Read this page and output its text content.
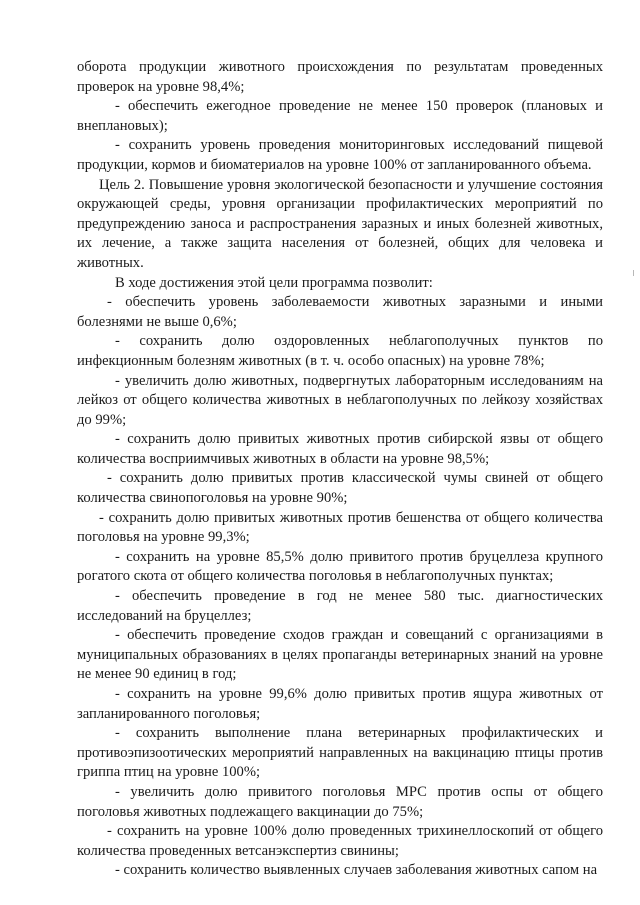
оборота продукции животного происхождения по результатам проведенных
проверок на уровне 98,4%;
- обеспечить ежегодное проведение не менее 150 проверок (плановых и
внеплановых);
- сохранить уровень проведения мониторинговых исследований пищевой
продукции, кормов и биоматериалов на уровне 100% от запланированного объема.
Цель 2. Повышение уровня экологической безопасности и улучшение состояния
окружающей среды, уровня организации профилактических мероприятий по
предупреждению заноса и распространения заразных и иных болезней животных,
их лечение, а также защита населения от болезней, общих для человека и
животных.
В ходе достижения этой цели программа позволит:
- обеспечить уровень заболеваемости животных заразными и иными
болезнями не выше 0,6%;
- сохранить долю оздоровленных неблагополучных пунктов по
инфекционным болезням животных (в т. ч. особо опасных) на уровне 78%;
- увеличить долю животных, подвергнутых лабораторным исследованиям на
лейкоз от общего количества животных в неблагополучных по лейкозу хозяйствах
до 99%;
- сохранить долю привитых животных против сибирской язвы от общего
количества восприимчивых животных в области на уровне 98,5%;
- сохранить долю привитых против классической чумы свиней от общего
количества свинопоголовья на уровне 90%;
- сохранить долю привитых животных против бешенства от общего количества
поголовья на уровне 99,3%;
- сохранить на уровне 85,5% долю привитого против бруцеллеза крупного
рогатого скота от общего количества поголовья в неблагополучных пунктах;
- обеспечить проведение в год не менее 580 тыс. диагностических
исследований на бруцеллез;
- обеспечить проведение сходов граждан и совещаний с организациями в
муниципальных образованиях в целях пропаганды ветеринарных знаний на уровне
не менее 90 единиц в год;
- сохранить на уровне 99,6% долю привитых против ящура животных от
запланированного поголовья;
- сохранить выполнение плана ветеринарных профилактических и
противоэпизоотических мероприятий направленных на вакцинацию птицы против
гриппа птиц на уровне 100%;
- увеличить долю привитого поголовья МРС против оспы от общего
поголовья животных подлежащего вакцинации до 75%;
- сохранить на уровне 100% долю проведенных трихинеллоскопий от общего
количества проведенных ветсанэкспертиз свинины;
- сохранить количество выявленных случаев заболевания животных сапом на
